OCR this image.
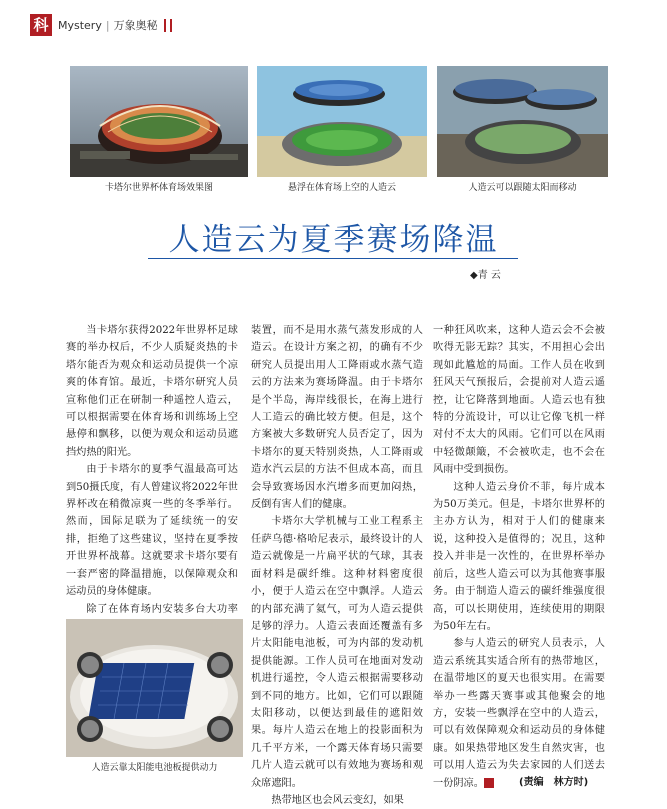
科 Mystery | 万象奥秘
卡塔尔世界杯体育场效果图	悬浮在体育场上空的人造云	人造云可以跟随太阳而移动
人造云为夏季赛场降温
◆青 云

当卡塔尔获得2022年世界杯足球赛的举办权后，不少人质疑炎热的卡塔尔能否为观众和运动员提供一个凉爽的体育馆。最近，卡塔尔研究人员宣称他们正在研制一种遥控人造云，可以根据需要在体育场和训练场上空悬停和飘移，以便为观众和运动员遮挡灼热的阳光。

由于卡塔尔的夏季气温最高可达到50摄氏度，有人曾建议将2022年世界杯改在稍微凉爽一些的冬季举行。然而，国际足联为了延续统一的安排，拒绝了这些建议，坚持在夏季按开世界杯战幕。这就要求卡塔尔要有一套严密的降温措施，以保障观众和运动员的身体健康。

除了在体育场内安装多台大功率

人造云靠太阳能电池板提供动力

装置，而不是用水蒸气蒸发形成的人造云。在设计方案之初，的确有不少研究人员提出用人工降雨或水蒸气造云的方法来为赛场降温。由于卡塔尔是个半岛，海岸线很长，在海上进行人工造云的确比较方便。但是，这个方案被大多数研究人员否定了，因为卡塔尔的夏天特别炎热，人工降雨或造水汽云层的方法不但成本高，而且会导致赛场因水汽增多而更加闷热，反倒有害人们的健康。

卡塔尔大学机械与工业工程系主任萨乌德·格哈尼表示，最终设计的人造云就像是一片扁平状的气球，其表面材料是碳纤维。这种材料密度很小，便于人造云在空中飘浮。人造云的内部充满了氦气，可为人造云提供足够的浮力。人造云表面还覆盖有多片太阳能电池板，可为内部的发动机提供能源。工作人员可在地面对发动机进行遥控，令人造云根据需要移动到不同的地方。比如，它们可以跟随太阳移动，以便达到最佳的遮阳效果。每片人造云在地上的投影面积为几千平方米，一个露天体育场只需要几片人造云就可以有效地为赛场和观众席遮阳。

热带地区也会风云变幻，如果

一种狂风吹来，这种人造云会不会被吹得无影无踪？其实，不用担心会出现如此尴尬的局面。工作人员在收到狂风天气预报后，会提前对人造云遥控，让它降落到地面。人造云也有独特的分流设计，可以让它像飞机一样对付不太大的风雨。它们可以在风雨中轻微颠簸，不会被吹走，也不会在风雨中受到损伤。

这种人造云身价不菲，每片成本为50万美元。但是，卡塔尔世界杯的主办方认为，相对于人们的健康来说，这种投入是值得的；况且，这种投入并非是一次性的，在世界杯举办前后，这些人造云可以为其他赛事服务。由于制造人造云的碳纤维强度很高，可以长期使用，连续使用的期限为50年左右。

参与人造云的研究人员表示，人造云系统其实适合所有的热带地区，在温带地区的夏天也很实用。在需要举办一些露天赛事或其他聚会的地方，安装一些飘浮在空中的人造云，可以有效保障观众和运动员的身体健康。如果热带地区发生自然灾害，也可以用人造云为失去家园的人们送去一份阴凉。	科 (责编　林方时)
